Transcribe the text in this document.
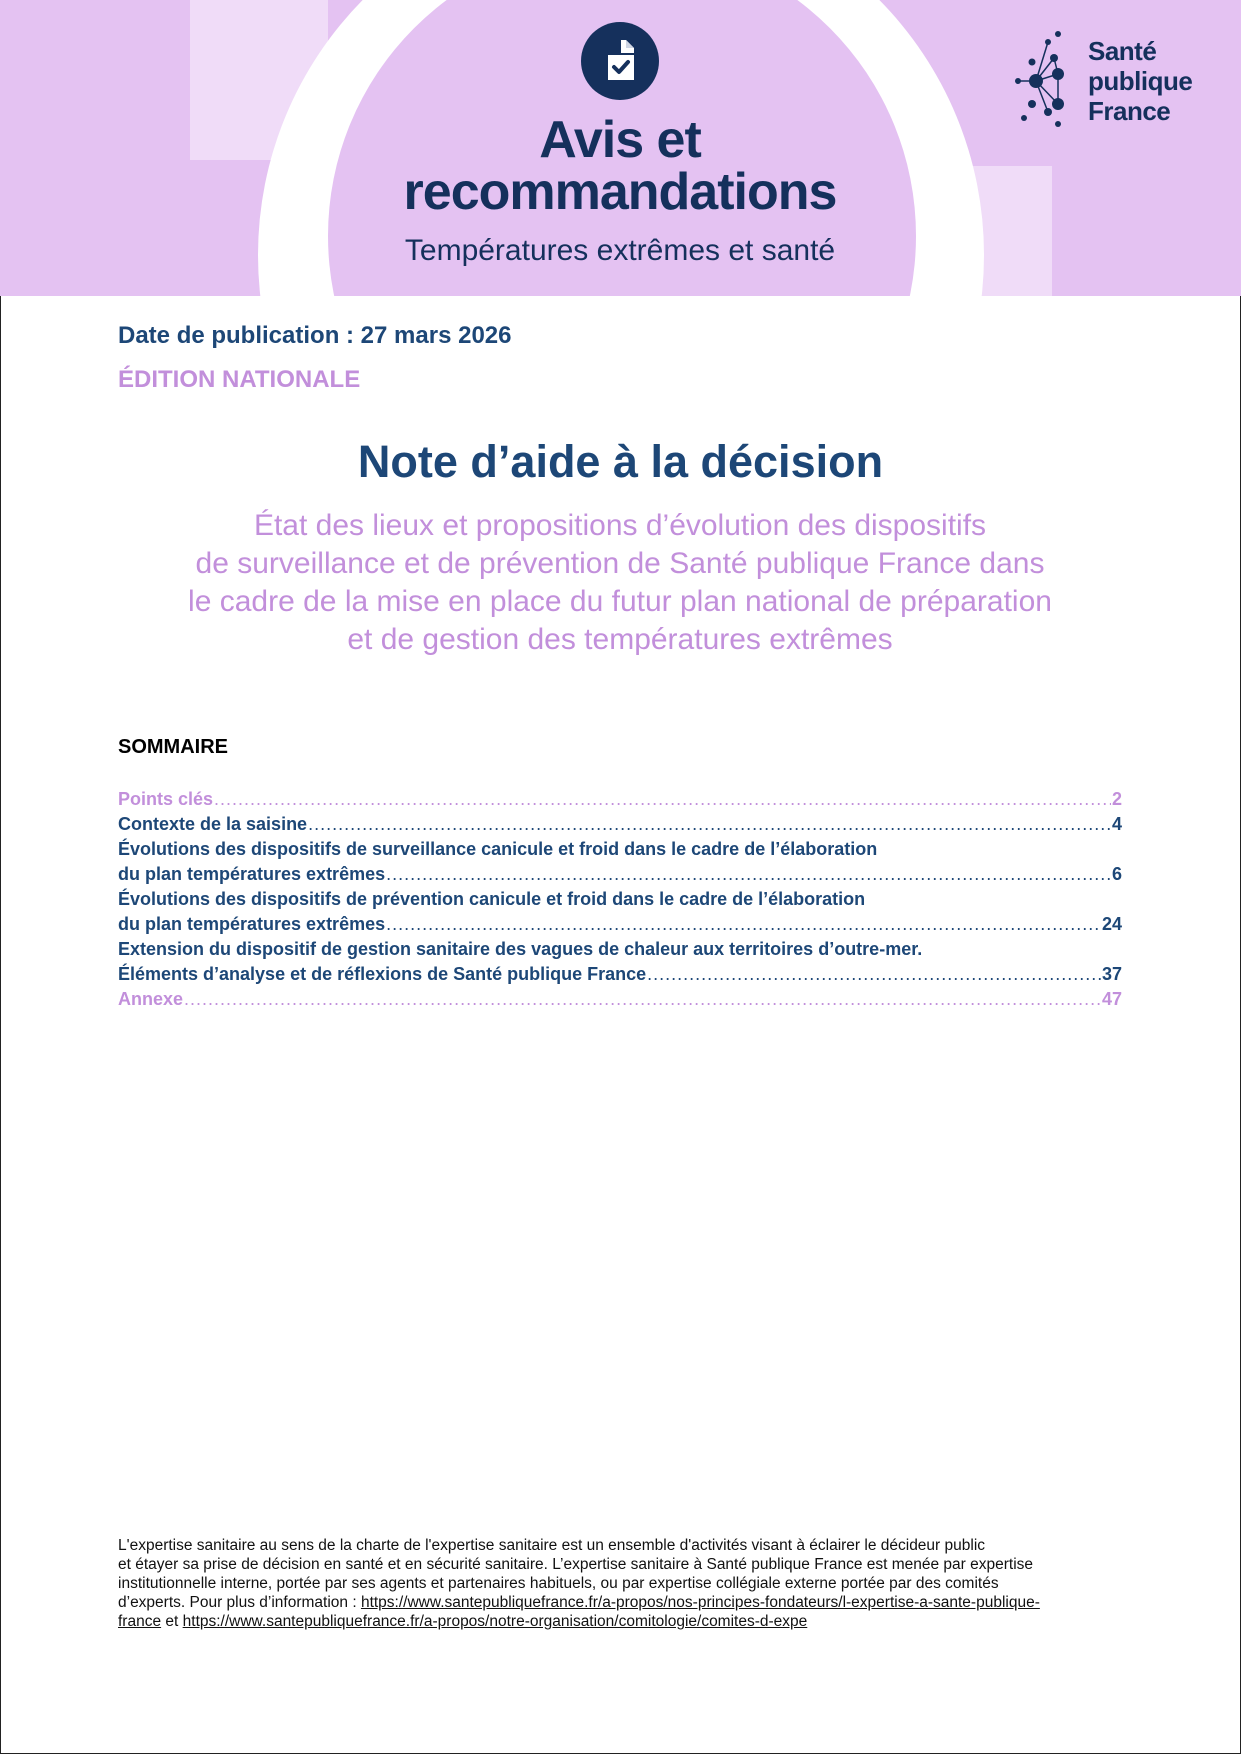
Avis et
recommandations
Températures extrêmes et santé
Santé
publique
France
Date de publication : 27 mars 2026
ÉDITION NATIONALE
Note d’aide à la décision
État des lieux et propositions d’évolution des dispositifs
de surveillance et de prévention de Santé publique France dans
le cadre de la mise en place du futur plan national de préparation
et de gestion des températures extrêmes
SOMMAIRE
Points clés .....	2
Contexte de la saisine .....	4
Évolutions des dispositifs de surveillance canicule et froid dans le cadre de l’élaboration
du plan températures extrêmes .....	6
Évolutions des dispositifs de prévention canicule et froid dans le cadre de l’élaboration
du plan températures extrêmes .....	24
Extension du dispositif de gestion sanitaire des vagues de chaleur aux territoires d’outre-mer.
Éléments d’analyse et de réflexions de Santé publique France .....	37
Annexe .....	47
L'expertise sanitaire au sens de la charte de l'expertise sanitaire est un ensemble d'activités visant à éclairer le décideur public
et étayer sa prise de décision en santé et en sécurité sanitaire. L’expertise sanitaire à Santé publique France est menée par expertise
institutionnelle interne, portée par ses agents et partenaires habituels, ou par expertise collégiale externe portée par des comités
d’experts. Pour plus d’information : https://www.santepubliquefrance.fr/a-propos/nos-principes-fondateurs/l-expertise-a-sante-publique-
france et https://www.santepubliquefrance.fr/a-propos/notre-organisation/comitologie/comites-d-expe
